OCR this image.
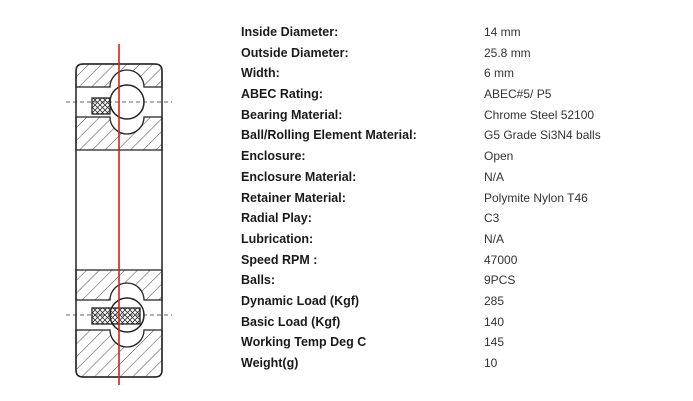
Inside Diameter:	14 mm
Outside Diameter:	25.8 mm
Width:	6 mm
ABEC Rating:	ABEC#5/ P5
Bearing Material:	Chrome Steel 52100
Ball/Rolling Element Material:	G5 Grade Si3N4 balls
Enclosure:	Open
Enclosure Material:	N/A
Retainer Material:	Polymite Nylon T46
Radial Play:	C3
Lubrication:	N/A
Speed RPM :	47000
Balls:	9PCS
Dynamic Load (Kgf)	285
Basic Load (Kgf)	140
Working Temp Deg C	145
Weight(g)	10
